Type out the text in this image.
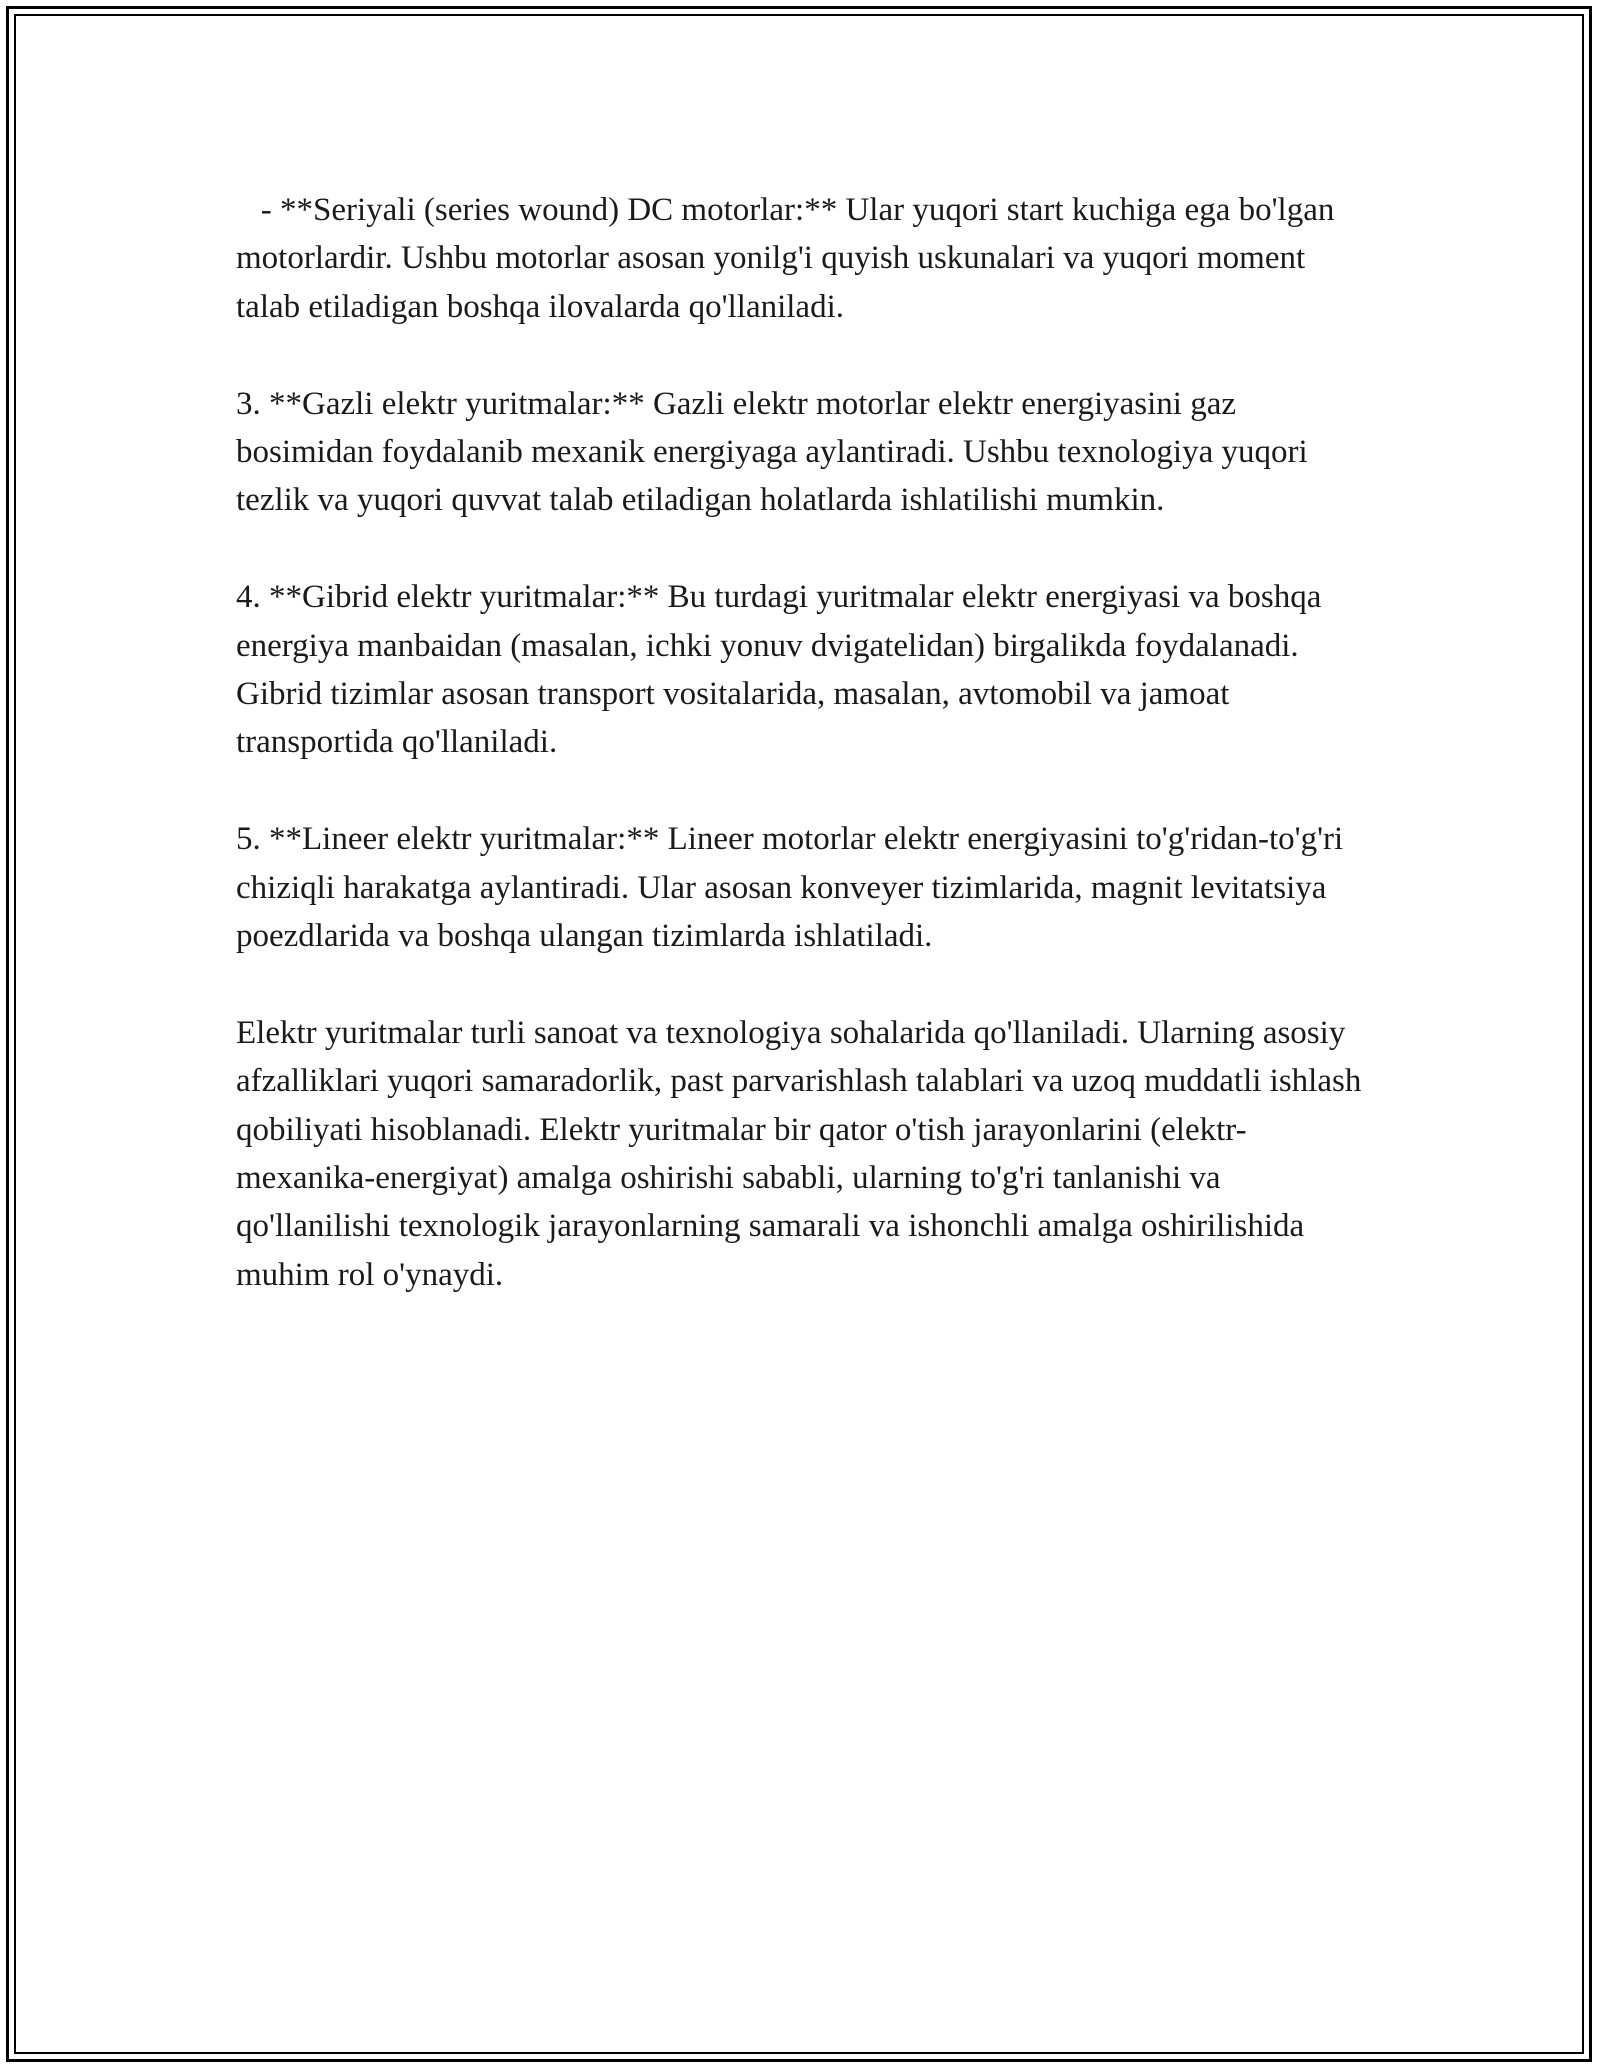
- **Seriyali (series wound) DC motorlar:** Ular yuqori start kuchiga ega bo'lgan motorlardir. Ushbu motorlar asosan yonilg'i quyish uskunalari va yuqori moment talab etiladigan boshqa ilovalarda qo'llaniladi.

3. **Gazli elektr yuritmalar:** Gazli elektr motorlar elektr energiyasini gaz bosimidan foydalanib mexanik energiyaga aylantiradi. Ushbu texnologiya yuqori tezlik va yuqori quvvat talab etiladigan holatlarda ishlatilishi mumkin.

4. **Gibrid elektr yuritmalar:** Bu turdagi yuritmalar elektr energiyasi va boshqa energiya manbaidan (masalan, ichki yonuv dvigatelidan) birgalikda foydalanadi. Gibrid tizimlar asosan transport vositalarida, masalan, avtomobil va jamoat transportida qo'llaniladi.

5. **Lineer elektr yuritmalar:** Lineer motorlar elektr energiyasini to'g'ridan-to'g'ri chiziqli harakatga aylantiradi. Ular asosan konveyer tizimlarida, magnit levitatsiya poezdlarida va boshqa ulangan tizimlarda ishlatiladi.

Elektr yuritmalar turli sanoat va texnologiya sohalarida qo'llaniladi. Ularning asosiy afzalliklari yuqori samaradorlik, past parvarishlash talablari va uzoq muddatli ishlash qobiliyati hisoblanadi. Elektr yuritmalar bir qator o'tish jarayonlarini (elektr-mexanika-energiyat) amalga oshirishi sababli, ularning to'g'ri tanlanishi va qo'llanilishi texnologik jarayonlarning samarali va ishonchli amalga oshirilishida muhim rol o'ynaydi.
